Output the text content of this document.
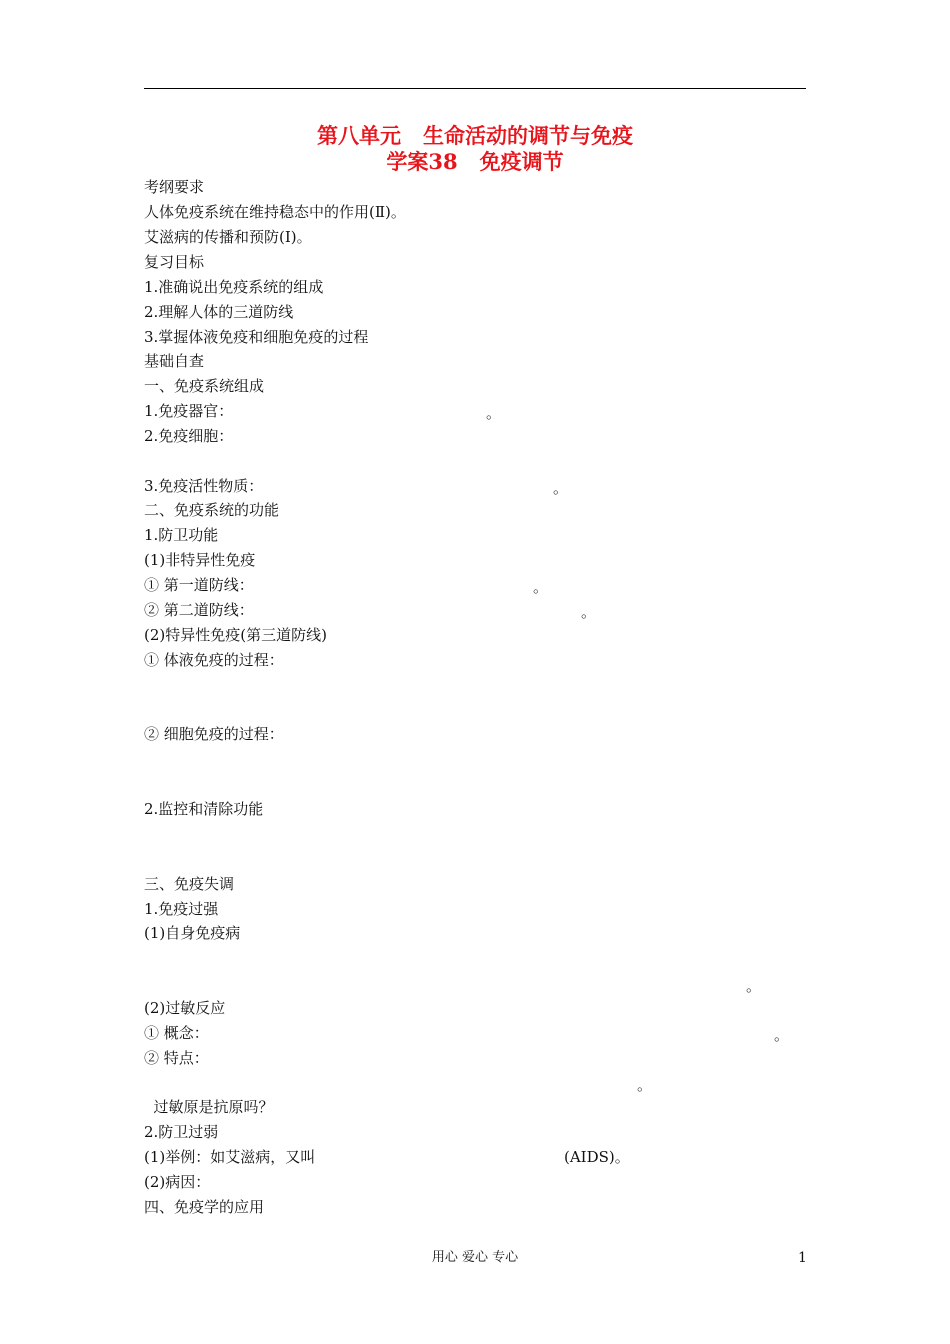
第八单元   生命活动的调节与免疫
学案38   免疫调节
考纲要求
人体免疫系统在维持稳态中的作用(Ⅱ)。
艾滋病的传播和预防(Ⅰ)。
复习目标
1.准确说出免疫系统的组成
2.理解人体的三道防线
3.掌握体液免疫和细胞免疫的过程
基础自查
一、免疫系统组成
1.免疫器官：	。
2.免疫细胞：
3.免疫活性物质：	。
二、免疫系统的功能
1.防卫功能
(1)非特异性免疫
① 第一道防线：	。
② 第二道防线：	。
(2)特异性免疫(第三道防线)
① 体液免疫的过程：
② 细胞免疫的过程：
2.监控和清除功能
三、免疫失调
1.免疫过强
(1)自身免疫病
。
(2)过敏反应
① 概念：	。
② 特点：
。
过敏原是抗原吗？
2.防卫过弱
(1)举例：如艾滋病，又叫	(AIDS)。
(2)病因：
四、免疫学的应用
用心 爱心 专心	1
